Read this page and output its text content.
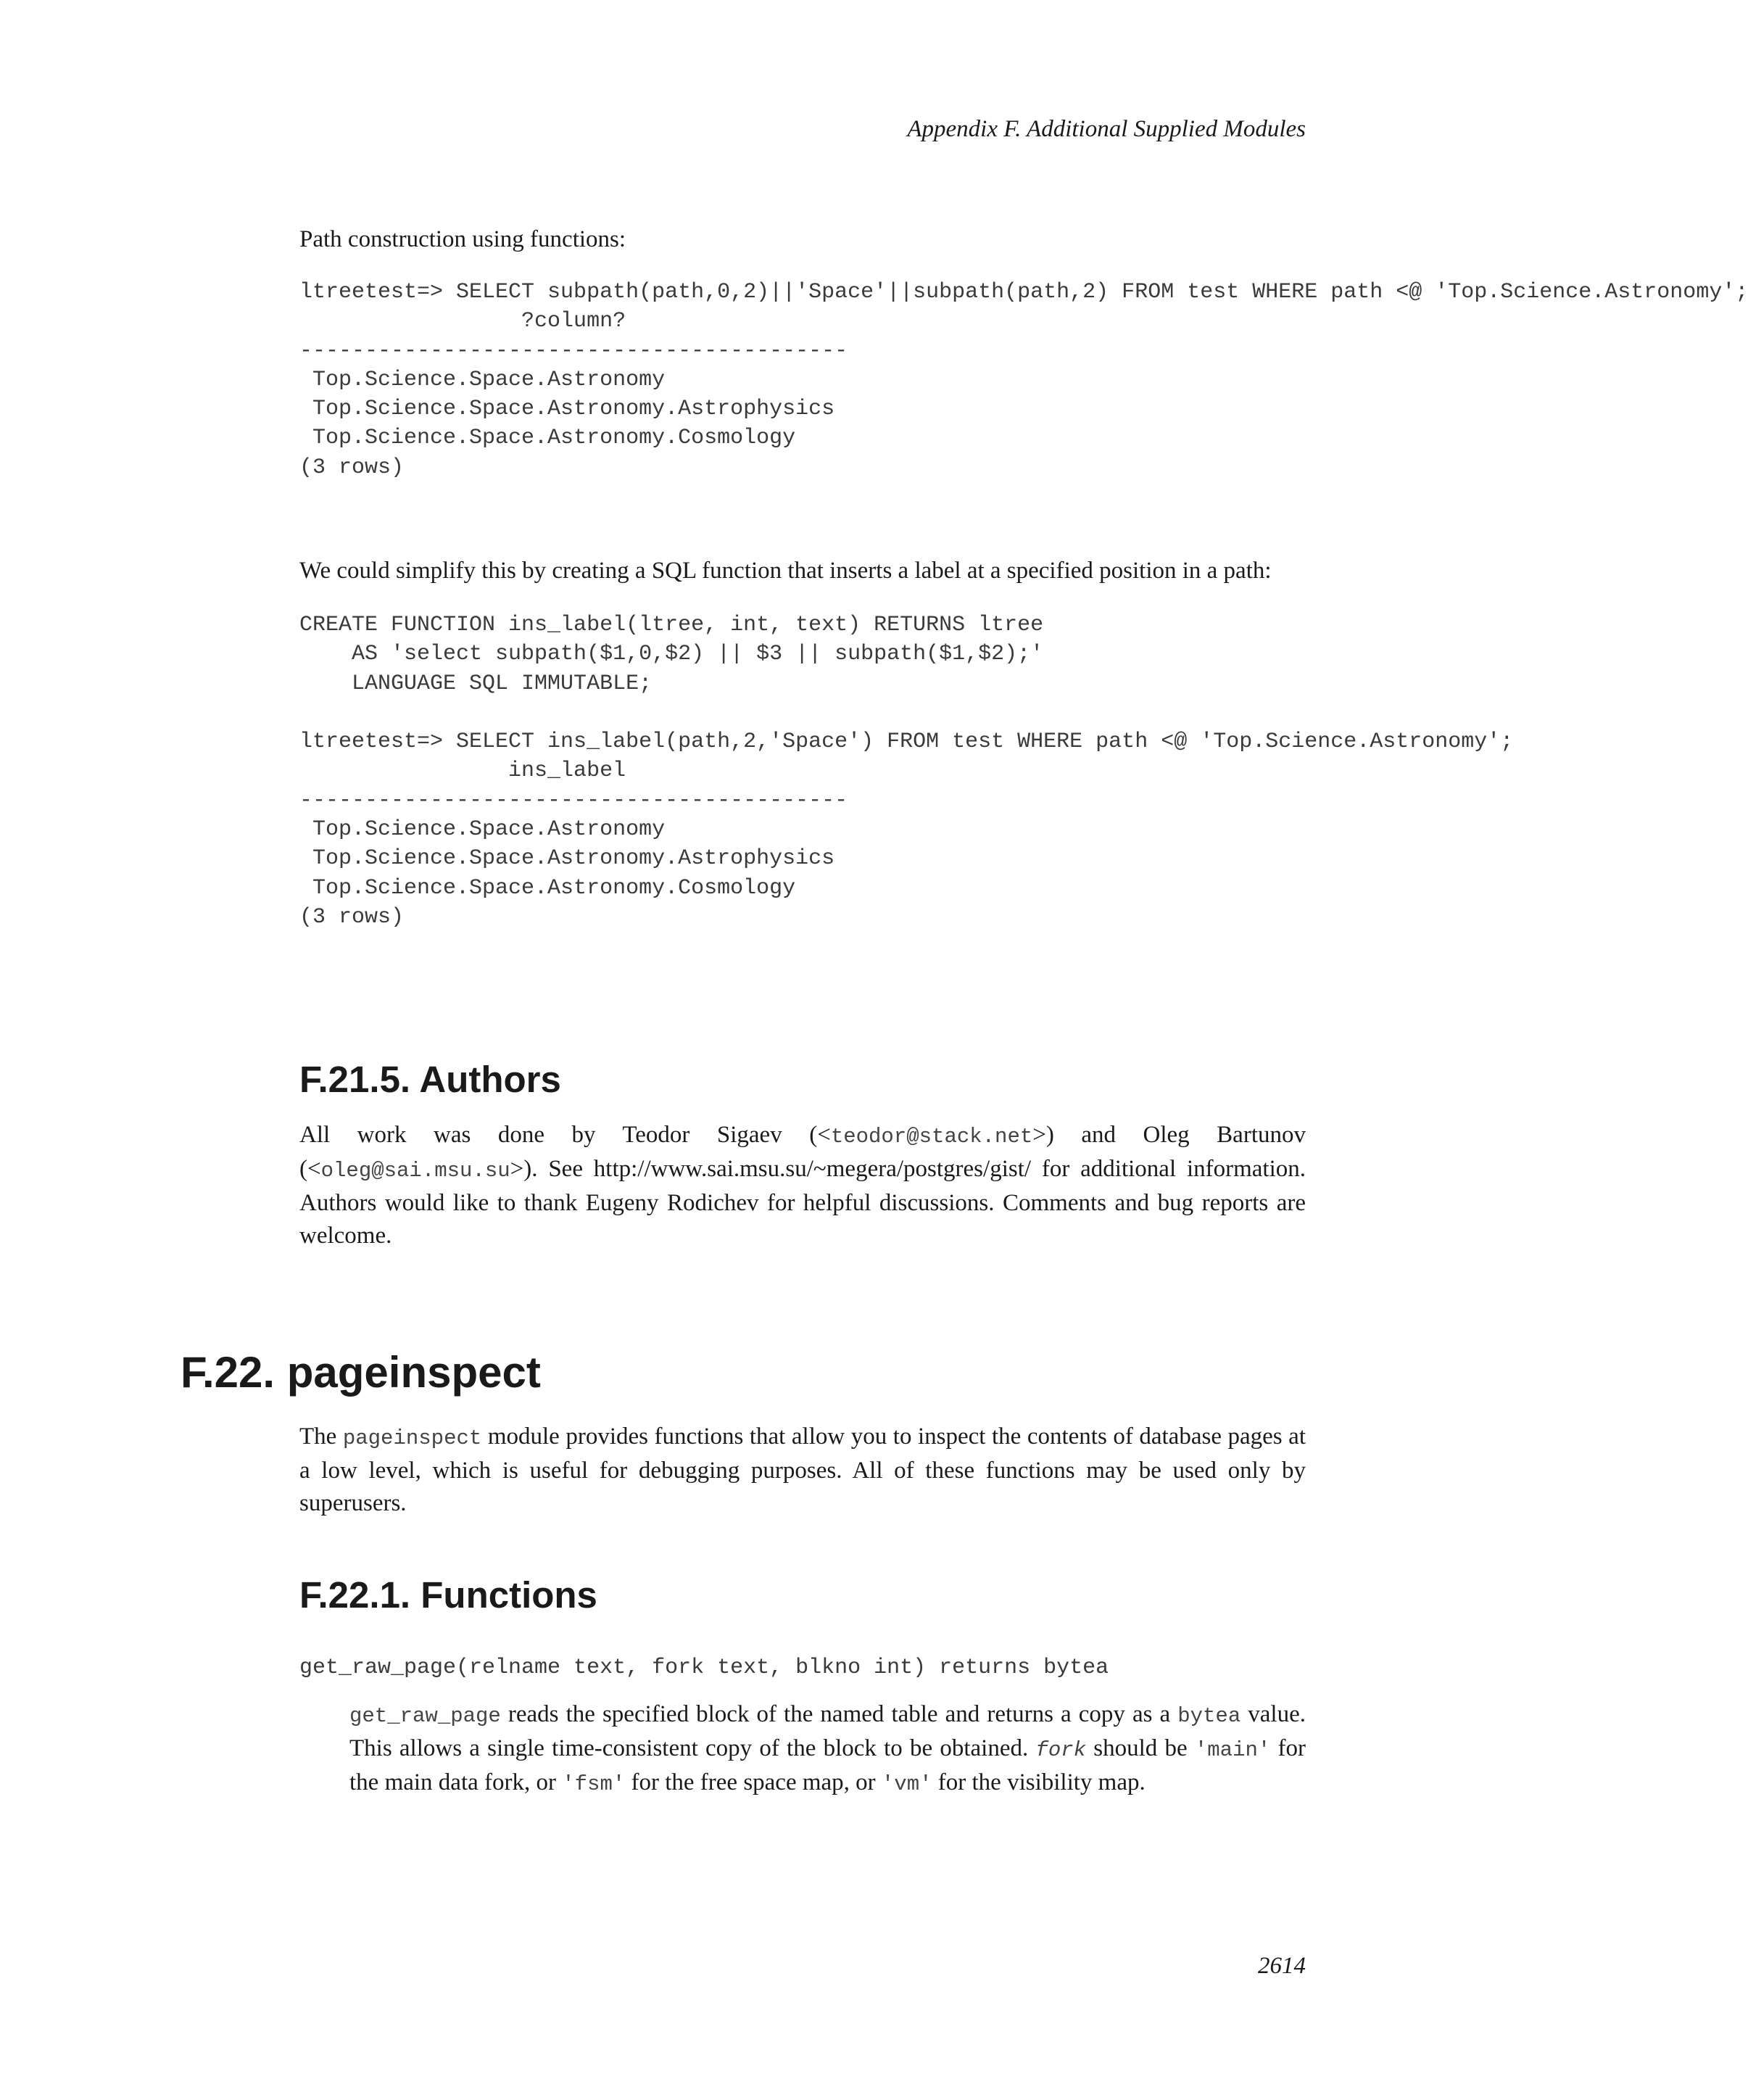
Appendix F. Additional Supplied Modules

Path construction using functions:

ltreetest=> SELECT subpath(path,0,2)||'Space'||subpath(path,2) FROM test WHERE path <@ 'Top.Science.Astronomy';
?column?
------------------------------------------
Top.Science.Space.Astronomy
Top.Science.Space.Astronomy.Astrophysics
Top.Science.Space.Astronomy.Cosmology
(3 rows)

We could simplify this by creating a SQL function that inserts a label at a specified position in a path:

CREATE FUNCTION ins_label(ltree, int, text) RETURNS ltree
AS 'select subpath($1,0,$2) || $3 || subpath($1,$2);'
LANGUAGE SQL IMMUTABLE;

ltreetest=> SELECT ins_label(path,2,'Space') FROM test WHERE path <@ 'Top.Science.Astronomy';
ins_label
------------------------------------------
Top.Science.Space.Astronomy
Top.Science.Space.Astronomy.Astrophysics
Top.Science.Space.Astronomy.Cosmology
(3 rows)
F.21.5. Authors

All work was done by Teodor Sigaev (<teodor@stack.net>) and Oleg Bartunov (<oleg@sai.msu.su>). See http://www.sai.msu.su/~megera/postgres/gist/ for additional information. Authors would like to thank Eugeny Rodichev for helpful discussions. Comments and bug reports are welcome.

F.22. pageinspect

The pageinspect module provides functions that allow you to inspect the contents of database pages at a low level, which is useful for debugging purposes. All of these functions may be used only by superusers.

F.22.1. Functions

get_raw_page(relname text, fork text, blkno int) returns bytea

get_raw_page reads the specified block of the named table and returns a copy as a bytea value. This allows a single time-consistent copy of the block to be obtained. fork should be 'main' for the main data fork, or 'fsm' for the free space map, or 'vm' for the visibility map.

2614
